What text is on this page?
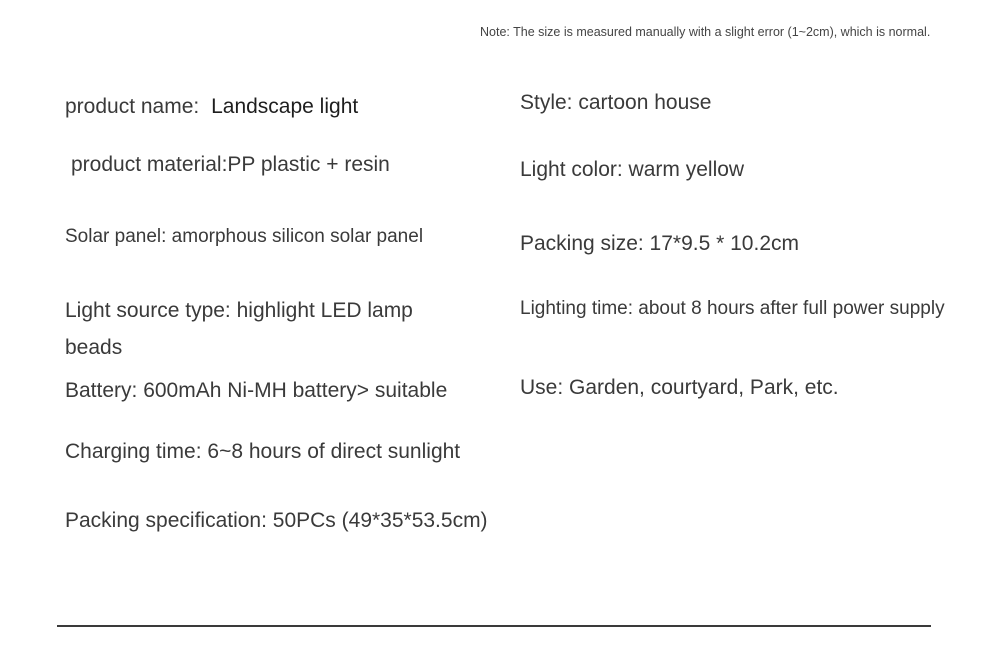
Note: The size is measured manually with a slight error (1~2cm), which is normal.
product name: Landscape light
product material:PP plastic + resin
Solar panel: amorphous silicon solar panel
Light source type: highlight LED lamp beads
Battery: 600mAh Ni-MH battery> suitable
Charging time: 6~8 hours of direct sunlight
Packing specification: 50PCs (49*35*53.5cm)
Style: cartoon house
Light color: warm yellow
Packing size: 17*9.5 * 10.2cm
Lighting time: about 8 hours after full power supply
Use: Garden, courtyard, Park, etc.
